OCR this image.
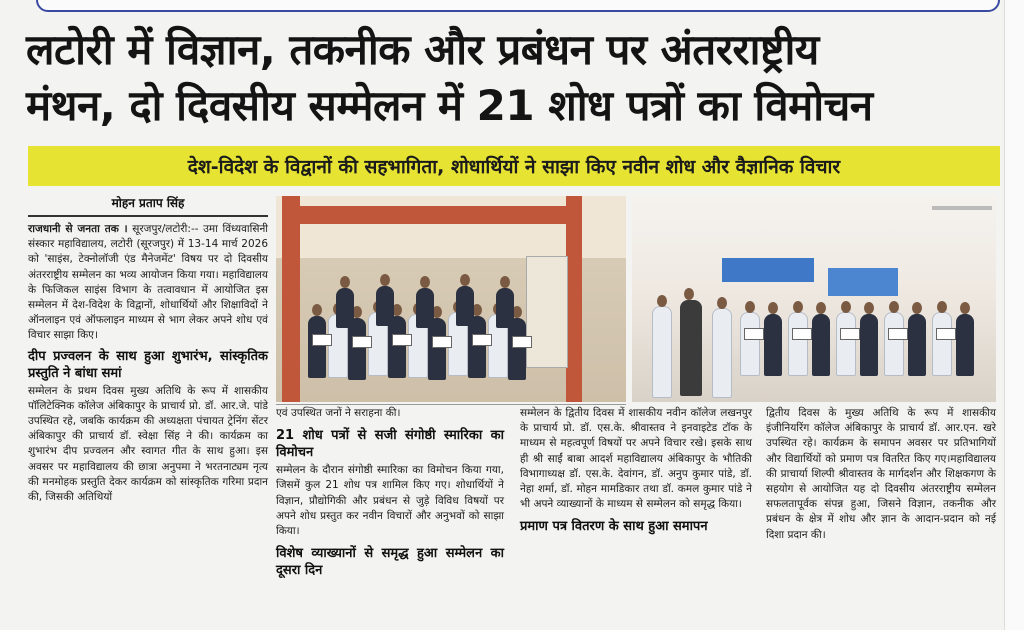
लटोरी में विज्ञान, तकनीक और प्रबंधन पर अंतरराष्ट्रीय
मंथन, दो दिवसीय सम्मेलन में 21 शोध पत्रों का विमोचन
देश-विदेश के विद्वानों की सहभागिता, शोधार्थियों ने साझा किए नवीन शोध और वैज्ञानिक विचार
मोहन प्रताप सिंह

राजधानी से जनता तक । सूरजपुर/लटोरी:-- उमा विंध्यवासिनी संस्कार महाविद्यालय, लटोरी (सूरजपुर) में 13-14 मार्च 2026 को 'साइंस, टेक्नोलॉजी एंड मैनेजमेंट' विषय पर दो दिवसीय अंतरराष्ट्रीय सम्मेलन का भव्य आयोजन किया गया। महाविद्यालय के फिजिकल साइंस विभाग के तत्वावधान में आयोजित इस सम्मेलन में देश-विदेश के विद्वानों, शोधार्थियों और शिक्षाविदों ने ऑनलाइन एवं ऑफलाइन माध्यम से भाग लेकर अपने शोध एवं विचार साझा किए।

दीप प्रज्वलन के साथ हुआ शुभारंभ, सांस्कृतिक प्रस्तुति ने बांधा समां

सम्मेलन के प्रथम दिवस मुख्य अतिथि के रूप में शासकीय पॉलिटेक्निक कॉलेज अंबिकापुर के प्राचार्य प्रो. डॉ. आर.जे. पांडे उपस्थित रहे, जबकि कार्यक्रम की अध्यक्षता पंचायत ट्रेनिंग सेंटर अंबिकापुर की प्राचार्य डॉ. स्वेक्षा सिंह ने की। कार्यक्रम का शुभारंभ दीप प्रज्वलन और स्वागत गीत के साथ हुआ। इस अवसर पर महाविद्यालय की छात्रा अनुपमा ने भरतनाट्यम नृत्य की मनमोहक प्रस्तुति देकर कार्यक्रम को सांस्कृतिक गरिमा प्रदान की, जिसकी अतिथियों

एवं उपस्थित जनों ने सराहना की।

21 शोध पत्रों से सजी संगोष्ठी स्मारिका का विमोचन

सम्मेलन के दौरान संगोष्ठी स्मारिका का विमोचन किया गया, जिसमें कुल 21 शोध पत्र शामिल किए गए। शोधार्थियों ने विज्ञान, प्रौद्योगिकी और प्रबंधन से जुड़े विविध विषयों पर अपने शोध प्रस्तुत कर नवीन विचारों और अनुभवों को साझा किया।

विशेष व्याख्यानों से समृद्ध हुआ सम्मेलन का दूसरा दिन

सम्मेलन के द्वितीय दिवस में शासकीय नवीन कॉलेज लखनपुर के प्राचार्य प्रो. डॉ. एस.के. श्रीवास्तव ने इनवाइटेड टॉक के माध्यम से महत्वपूर्ण विषयों पर अपने विचार रखे। इसके साथ ही श्री साईं बाबा आदर्श महाविद्यालय अंबिकापुर के भौतिकी विभागाध्यक्ष डॉ. एस.के. देवांगन, डॉ. अनुप कुमार पांडे, डॉ. नेहा शर्मा, डॉ. मोहन मामडिकार तथा डॉ. कमल कुमार पांडे ने भी अपने व्याख्यानों के माध्यम से सम्मेलन को समृद्ध किया।

प्रमाण पत्र वितरण के साथ हुआ समापन

द्वितीय दिवस के मुख्य अतिथि के रूप में शासकीय इंजीनियरिंग कॉलेज अंबिकापुर के प्राचार्य डॉ. आर.एन. खरे उपस्थित रहे। कार्यक्रम के समापन अवसर पर प्रतिभागियों और विद्यार्थियों को प्रमाण पत्र वितरित किए गए।महाविद्यालय की प्राचार्या शिल्पी श्रीवास्तव के मार्गदर्शन और शिक्षकगण के सहयोग से आयोजित यह दो दिवसीय अंतरराष्ट्रीय सम्मेलन सफलतापूर्वक संपन्न हुआ, जिसने विज्ञान, तकनीक और प्रबंधन के क्षेत्र में शोध और ज्ञान के आदान-प्रदान को नई दिशा प्रदान की।
